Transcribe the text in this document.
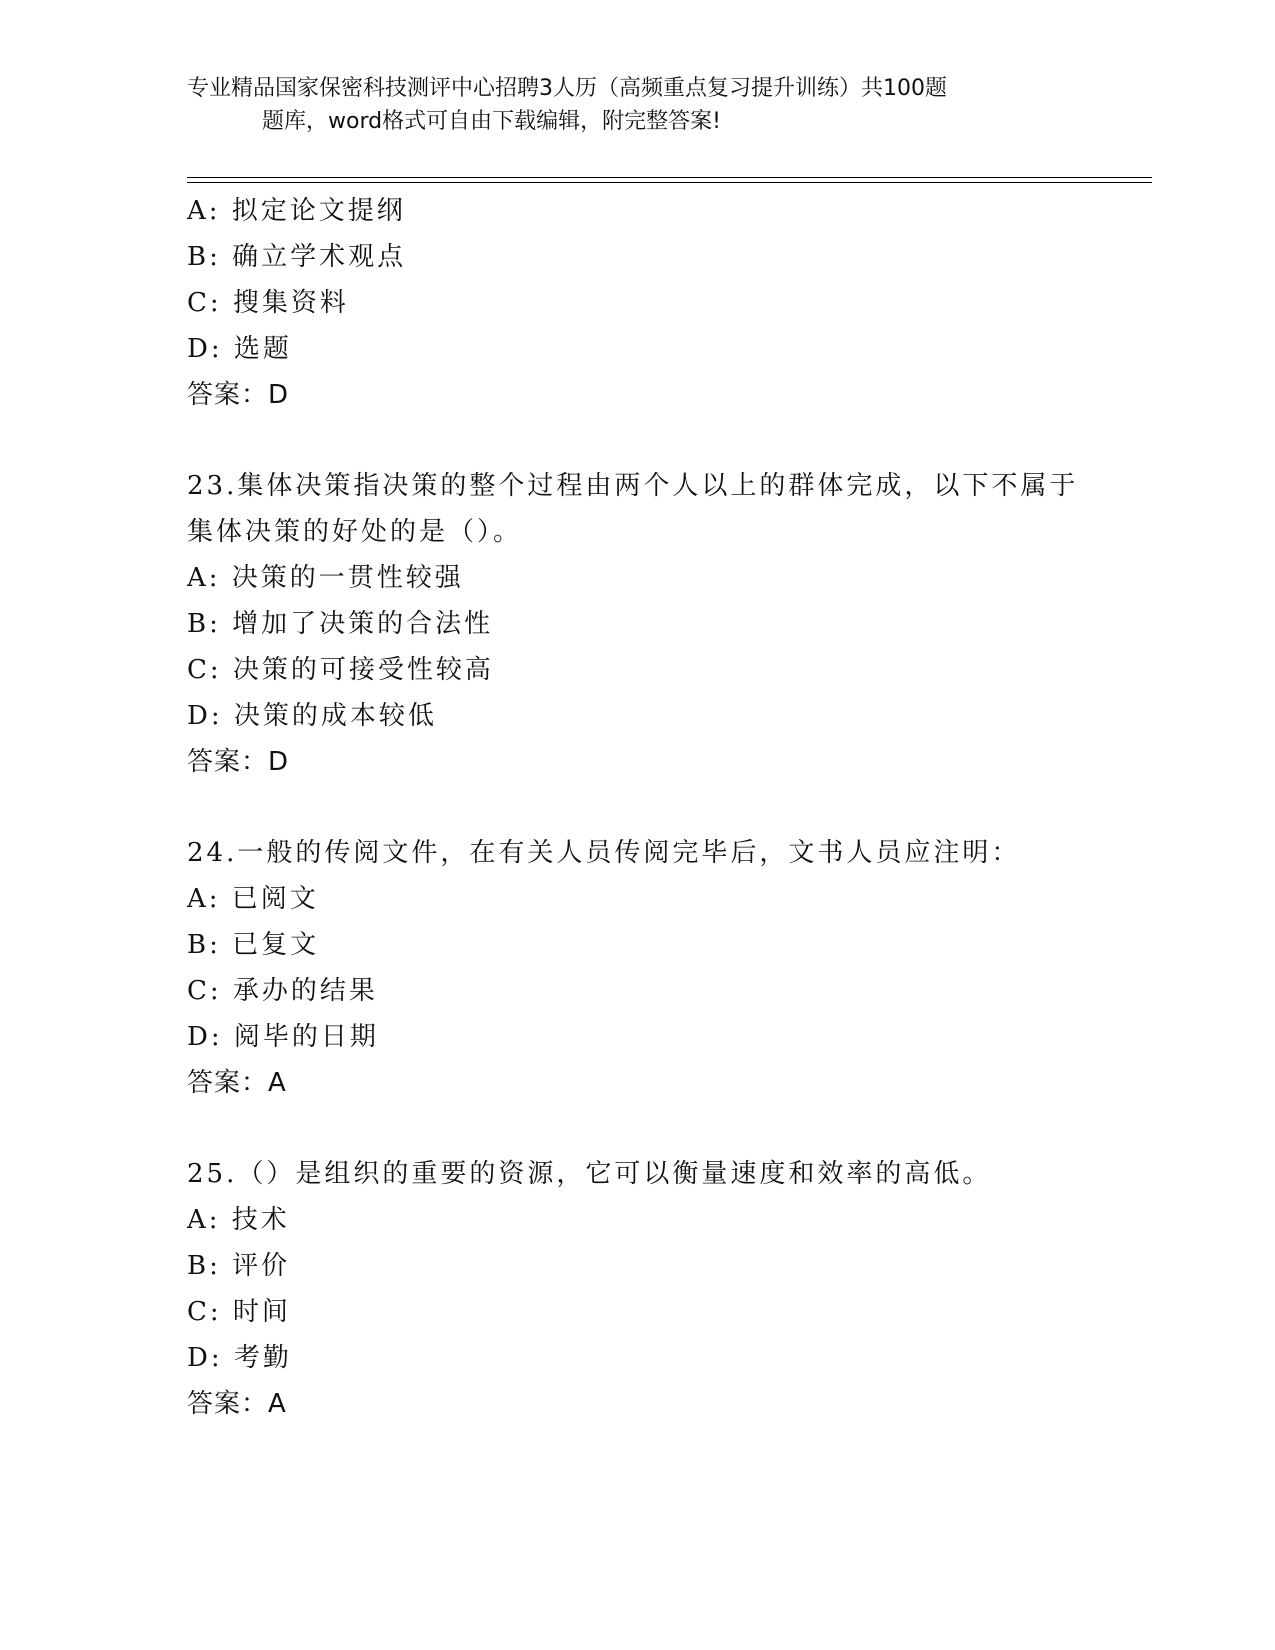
专业精品国家保密科技测评中心招聘3人历（高频重点复习提升训练）共100题
题库，word格式可自由下载编辑，附完整答案!
A: 拟定论文提纲
B: 确立学术观点
C: 搜集资料
D: 选题
答案：D
23.集体决策指决策的整个过程由两个人以上的群体完成，以下不属于
集体决策的好处的是（）。
A: 决策的一贯性较强
B: 增加了决策的合法性
C: 决策的可接受性较高
D: 决策的成本较低
答案：D
24.一般的传阅文件，在有关人员传阅完毕后，文书人员应注明：
A: 已阅文
B: 已复文
C: 承办的结果
D: 阅毕的日期
答案：A
25.（）是组织的重要的资源，它可以衡量速度和效率的高低。
A: 技术
B: 评价
C: 时间
D: 考勤
答案：A
